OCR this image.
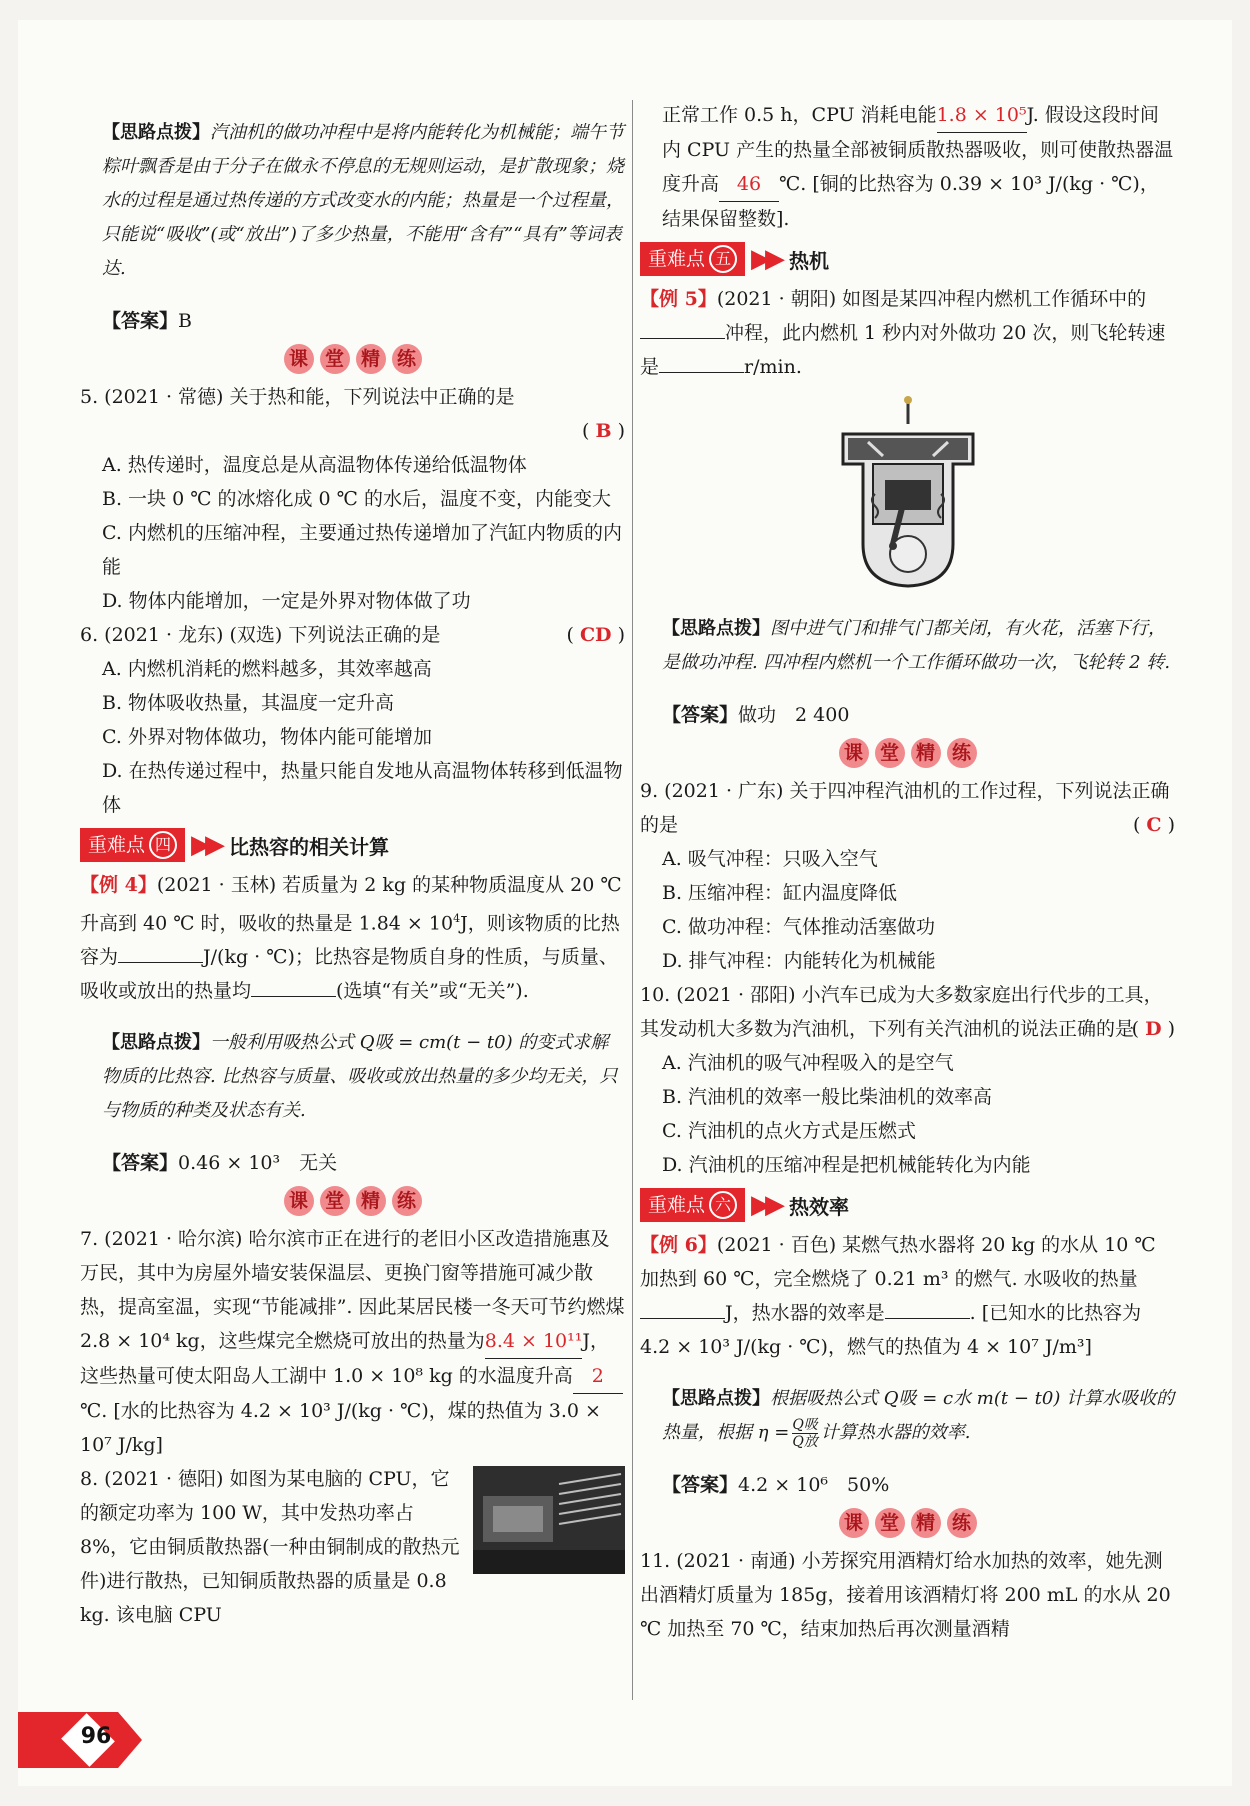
【思路点拨】汽油机的做功冲程中是将内能转化为机械能；端午节粽叶飘香是由于分子在做永不停息的无规则运动，是扩散现象；烧水的过程是通过热传递的方式改变水的内能；热量是一个过程量，只能说“吸收”(或“放出”)了多少热量，不能用“含有”“具有”等词表达.

【答案】B

课 堂 精 练

5. (2021 · 常德) 关于热和能，下列说法中正确的是

( B )

A. 热传递时，温度总是从高温物体传递给低温物体

B. 一块 0 ℃ 的冰熔化成 0 ℃ 的水后，温度不变，内能变大

C. 内燃机的压缩冲程，主要通过热传递增加了汽缸内物质的内能

D. 物体内能增加，一定是外界对物体做了功

6. (2021 · 龙东) (双选) 下列说法正确的是	( CD )

A. 内燃机消耗的燃料越多，其效率越高

B. 物体吸收热量，其温度一定升高

C. 外界对物体做功，物体内能可能增加

D. 在热传递过程中，热量只能自发地从高温物体转移到低温物体

重难点 四 ▶▶ 比热容的相关计算

【例 4】(2021 · 玉林) 若质量为 2 kg 的某种物质温度从 20 ℃ 升高到 40 ℃ 时，吸收的热量是 $1.84 \times 10^4J$，则该物质的比热容为	J/(kg · ℃)；比热容是物质自身的性质，与质量、吸收或放出的热量均	(选填“有关”或“无关”).

【思路点拨】一般利用吸热公式 Q吸 = cm(t − t0) 的变式求解物质的比热容. 比热容与质量、吸收或放出热量的多少均无关，只与物质的种类及状态有关.

【答案】0.46 × 10³　无关

课 堂 精 练

7. (2021 · 哈尔滨) 哈尔滨市正在进行的老旧小区改造措施惠及万民，其中为房屋外墙安装保温层、更换门窗等措施可减少散热，提高室温，实现“节能减排”. 因此某居民楼一冬天可节约燃煤 2.8 × 10⁴ kg，这些煤完全燃烧可放出的热量为8.4 × 10¹¹J，这些热量可使太阳岛人工湖中 1.0 × 10⁸ kg 的水温度升高 2℃. [水的比热容为 4.2 × 10³ J/(kg · ℃)，煤的热值为 3.0 × 10⁷ J/kg]

8. (2021 · 德阳) 如图为某电脑的 CPU，它的额定功率为 100 W，其中发热功率占 8%，它由铜质散热器(一种由铜制成的散热元件)进行散热，已知铜质散热器的质量是 0.8 kg. 该电脑 CPU

正常工作 0.5 h，CPU 消耗电能1.8 × 10⁵J. 假设这段时间内 CPU 产生的热量全部被铜质散热器吸收，则可使散热器温度升高 46 ℃. [铜的比热容为 0.39 × 10³ J/(kg · ℃)，结果保留整数].

重难点 五 ▶▶ 热机

【例 5】(2021 · 朝阳) 如图是某四冲程内燃机工作循环中的冲程，此内燃机 1 秒内对外做功 20 次，则飞轮转速是	r/min.

【思路点拨】图中进气门和排气门都关闭，有火花，活塞下行，是做功冲程. 四冲程内燃机一个工作循环做功一次，飞轮转 2 转.

【答案】做功　2 400

课 堂 精 练

9. (2021 · 广东) 关于四冲程汽油机的工作过程，下列说法正确的是	( C )

A. 吸气冲程：只吸入空气

B. 压缩冲程：缸内温度降低

C. 做功冲程：气体推动活塞做功

D. 排气冲程：内能转化为机械能

10. (2021 · 邵阳) 小汽车已成为大多数家庭出行代步的工具，其发动机大多数为汽油机，下列有关汽油机的说法正确的是

( D )

A. 汽油机的吸气冲程吸入的是空气

B. 汽油机的效率一般比柴油机的效率高

C. 汽油机的点火方式是压燃式

D. 汽油机的压缩冲程是把机械能转化为内能

重难点 六 ▶▶ 热效率

【例 6】(2021 · 百色) 某燃气热水器将 20 kg 的水从 10 ℃ 加热到 60 ℃，完全燃烧了 0.21 m³ 的燃气. 水吸收的热量J，热水器的效率是	. [已知水的比热容为 4.2 × 10³ J/(kg · ℃)，燃气的热值为 4 × 10⁷ J/m³]

【思路点拨】根据吸热公式 Q吸 = c水 m(t − t0) 计算水吸收的热量，根据 $\eta = \frac{\text{Q吸}}{\text{Q放}}$ 计算热水器的效率.

【答案】4.2 × 10⁶　50%

课 堂 精 练

11. (2021 · 南通) 小芳探究用酒精灯给水加热的效率，她先测出酒精灯质量为 185g，接着用该酒精灯将 200 mL 的水从 20 ℃ 加热至 70 ℃，结束加热后再次测量酒精

96
